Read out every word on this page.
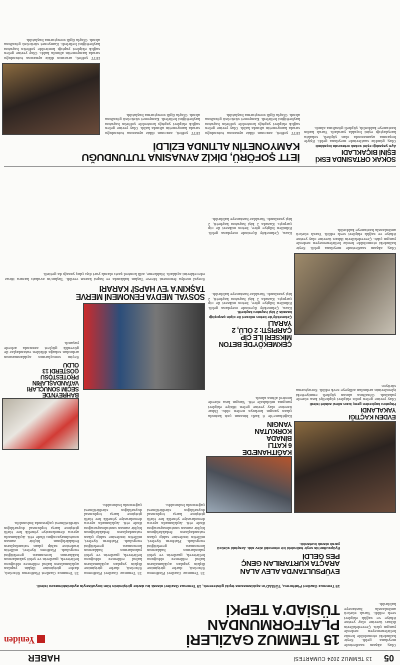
05
13 TEMMUZ 2024 CUMARTESİ
HABER
15 TEMMUZ GAZİLERİ
PLATFORMUNDAN
TÜSİAD'A TEPKİ
15 Temmuz Gazileri Platformu, TÜSİAD'ın açıklamasına tepki göstererek, 15 Temmuz Gazileri olarak bu darbe girişiminin tüm boyutlarıyla aydınlatılmasını istedi.
Yeniden	Olay, akşam saatlerinde meydana geldi. Seyir halindeki otomobilde henüz belirlenemeyen nedenle yangın çıktı. Çevredekilerin ihbarı üzerine olay yerine itfaiye ve sağlık ekipleri sevk edildi. Yaralı sürücü ambulansla hastaneye kaldırıldı.
EYÜPSULTAN'DA ALEV ALAN
ARAÇTA KURTARILAN GENÇ
PES GELDİ
Eyüpsultan'da seyir halindeki bir otomobil alev aldı. Araçtaki sürücü yaralı olarak kurtarıldı.
15 Temmuz Gazileri Platformu Sözcüsü, darbe girişimine ilişkin yapılan açıklamaların kabul edilemez olduğunu belirterek, gazilerin ve şehit yakınlarının haklarının korunması gerektiğini vurguladı. Platform üyeleri, milletin iradesine sahip çıkan vatandaşların fedakârlığının hiçbir zaman unutulmayacağını ifade etti. Açıklamada ayrıca demokrasiye yönelik her türlü girişime karşı toplumsal duyarlılığın sürdürülmesi çağrısında bulunuldu.
15 Temmuz Gazileri Platformu Sözcüsü, darbe girişimine ilişkin yapılan açıklamaların kabul edilemez olduğunu belirterek, gazilerin ve şehit yakınlarının haklarının korunması gerektiğini vurguladı. Platform üyeleri, milletin iradesine sahip çıkan vatandaşların fedakârlığının hiçbir zaman unutulmayacağını ifade etti. Açıklamada ayrıca demokrasiye yönelik her türlü girişime karşı toplumsal duyarlılığın sürdürülmesi çağrısında bulunuldu.
15 Temmuz Gazileri Platformu Sözcüsü, darbe girişimine ilişkin yapılan açıklamaların kabul edilemez olduğunu belirterek, gazilerin ve şehit yakınlarının haklarının korunması gerektiğini vurguladı. Platform üyeleri, milletin iradesine sahip çıkan vatandaşların fedakârlığının hiçbir zaman unutulmayacağını ifade etti. Açıklamada ayrıca demokrasiye yönelik her türlü girişime karşı toplumsal duyarlılığın sürdürülmesi çağrısında bulunuldu.
KAĞITHANE'DE
6 KATLI
BİNADA
KORKUTAN
YANGIN
Kağıthane'de 6 katlı binanın çatı katında çıkan yangın korkuya neden oldu. İhbar üzerine olay yerine gelen itfaiye ekipleri yangına müdahale etti. Yangın kısa sürede kontrol altına alındı.
EVDEN KAÇTIĞI
YAKALANDI
Hayatını kaybeden genç kızın ailesi adalet istedi
Olay yerine gelen polis ekipleri şüpheliyi kısa sürede yakaladı. Gözaltına alınan şüpheli emniyetteki işlemlerinin ardından adliyeye sevk edildi. Soruşturma sürüyor.
BAHREYN'DE
SEÇİM SONUÇLARI
VATANDAŞLARIN
PROTESTOSU
GÖSTERDİ 13
ÖLDÜ
Seçim sonuçlarının açıklanmasının ardından sokağa dökülen vatandaşlar ile güvenlik güçleri arasında arbede yaşandı.	ÇEKMEKÖY'DE BETON
MİKSERİ İLE CİP
ÇARPIŞTI: 2 ÖLÜ, 2
YARALI
Çekmeköy'de beton mikseri ile cipin çarpıştığı kazada 2 kişi hayatını kaybetti.
Kaza, Çekmeköy ilçesinde meydana geldi. Edinilen bilgiye göre, beton mikseri ile cip çarpıştı. Kazada 2 kişi hayatını kaybetti, 2 kişi yaralandı. Yaralılar hastaneye kaldırıldı.
SOSYAL MEDYA FENOMENİ MERVE
TAŞKIN'A 'EV HAPSİ' KARARI
Sosyal medya fenomeni Merve Taşkın hakkında ev hapsi kararı verildi. Taşkın'ın avukatı karara itiraz edeceklerini açıkladı. Mahkeme, adli kontrol şartı olarak yurt dışı çıkış yasağı da getirdi.
Olay, akşam saatlerinde meydana geldi. Seyir halindeki otomobilde henüz belirlenemeyen nedenle yangın çıktı. Çevredekilerin ihbarı üzerine olay yerine itfaiye ve sağlık ekipleri sevk edildi. Yaralı sürücü ambulansla hastaneye kaldırıldı.
Kaza, Çekmeköy ilçesinde meydana geldi. Edinilen bilgiye göre, beton mikseri ile cip çarpıştı. Kazada 2 kişi hayatını kaybetti, 2 kişi yaralandı. Yaralılar hastaneye kaldırıldı.
İETT ŞOFÖRÜ, DİKİZ AYNASINA TUTUNDUĞU
KAMYONETİN ALTINDA EZİLDİ
İETT şoförü, aracının dikiz aynasına tutunduğu sırada kamyonetin altında kaldı. Olay yerine gelen sağlık ekipleri yaptığı kontrolde şoförün hayatını kaybettiğini belirledi. Kamyonet sürücüsü gözaltına alındı. Olayla ilgili soruşturma başlatıldı.
İETT şoförü, aracının dikiz aynasına tutunduğu sırada kamyonetin altında kaldı. Olay yerine gelen sağlık ekipleri yaptığı kontrolde şoförün hayatını kaybettiğini belirledi. Kamyonet sürücüsü gözaltına alındı. Olayla ilgili soruşturma başlatıldı.
İETT şoförü, aracının dikiz aynasına tutunduğu sırada kamyonetin altında kaldı. Olay yerine gelen sağlık ekipleri yaptığı kontrolde şoförün hayatını kaybettiğini belirledi. Kamyonet sürücüsü gözaltına alındı. Olayla ilgili soruşturma başlatıldı.
SOKAK ORTASINDA ESKİ
EŞİNİ BIÇAKLADI
Ayrı yaşadığı eşini sokak ortasında bıçakladı
Olay, gündüz saatlerinde meydana geldi. Eşiyle boşanma aşamasında olan şüpheli, sokakta karşılaştığı eşini bıçakla yaraladı. Yaralı kadın hastaneye kaldırıldı, şüpheli gözaltına alındı.
